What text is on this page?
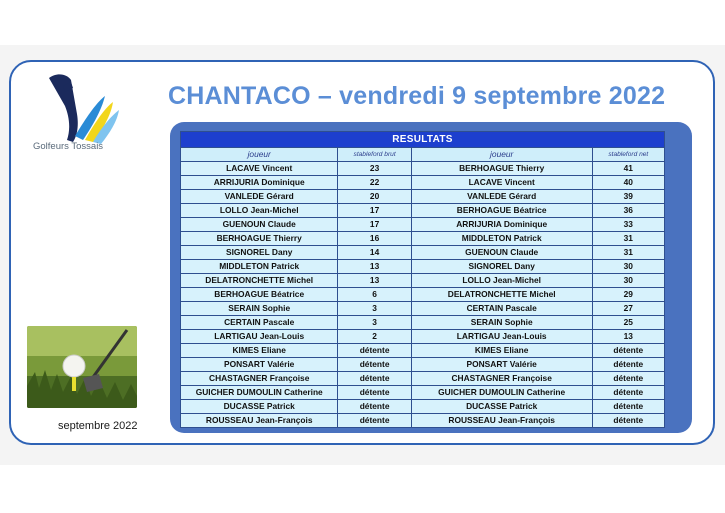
Golfeurs Tossais
CHANTACO – vendredi 9 septembre 2022
septembre 2022
RESULTATS			
joueur	stableford brut	joueur	stableford net
LACAVE Vincent	23	BERHOAGUE Thierry	41
ARRIJURIA Dominique	22	LACAVE Vincent	40
VANLEDE Gérard	20	VANLEDE Gérard	39
LOLLO Jean-Michel	17	BERHOAGUE Béatrice	36
GUENOUN Claude	17	ARRIJURIA Dominique	33
BERHOAGUE Thierry	16	MIDDLETON Patrick	31
SIGNOREL Dany	14	GUENOUN Claude	31
MIDDLETON Patrick	13	SIGNOREL Dany	30
DELATRONCHETTE Michel	13	LOLLO Jean-Michel	30
BERHOAGUE Béatrice	6	DELATRONCHETTE Michel	29
SERAIN Sophie	3	CERTAIN Pascale	27
CERTAIN Pascale	3	SERAIN Sophie	25
LARTIGAU Jean-Louis	2	LARTIGAU Jean-Louis	13
KIMES Eliane	détente	KIMES Eliane	détente
PONSART Valérie	détente	PONSART Valérie	détente
CHASTAGNER Françoise	détente	CHASTAGNER Françoise	détente
GUICHER DUMOULIN Catherine	détente	GUICHER DUMOULIN Catherine	détente
DUCASSE Patrick	détente	DUCASSE Patrick	détente
ROUSSEAU Jean-François	détente	ROUSSEAU Jean-François	détente
